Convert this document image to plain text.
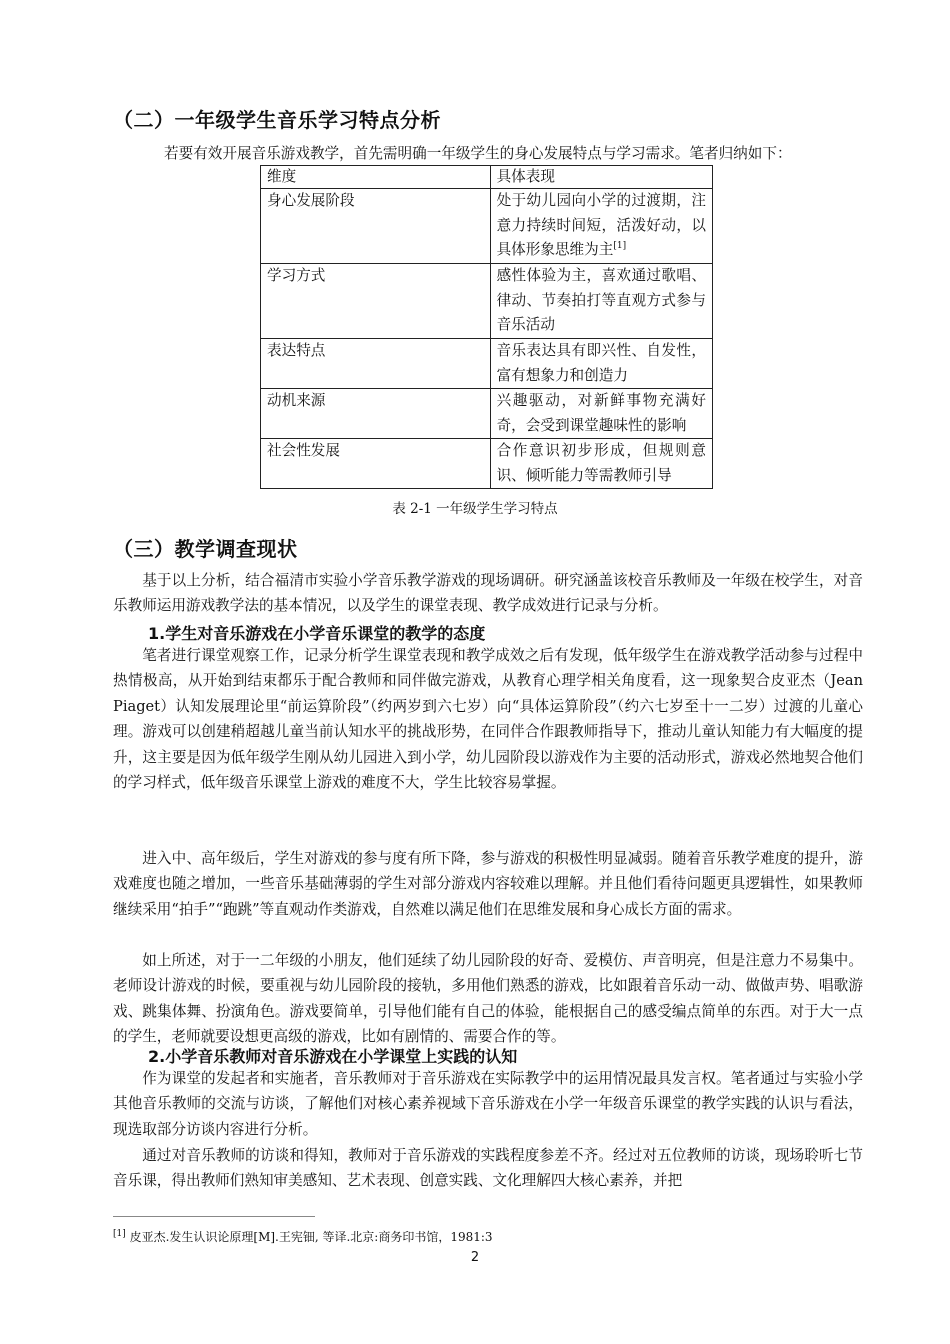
（二）一年级学生音乐学习特点分析
若要有效开展音乐游戏教学，首先需明确一年级学生的身心发展特点与学习需求。笔者归纳如下：
维度	具体表现
身心发展阶段	处于幼儿园向小学的过渡期，注意力持续时间短，活泼好动，以具体形象思维为主[1]
学习方式	感性体验为主，喜欢通过歌唱、律动、节奏拍打等直观方式参与音乐活动
表达特点	音乐表达具有即兴性、自发性，富有想象力和创造力
动机来源	兴趣驱动，对新鲜事物充满好奇，会受到课堂趣味性的影响
社会性发展	合作意识初步形成，但规则意识、倾听能力等需教师引导
表 2-1 一年级学生学习特点
（三）教学调查现状

基于以上分析，结合福清市实验小学音乐教学游戏的现场调研。研究涵盖该校音乐教师及一年级在校学生，对音乐教师运用游戏教学法的基本情况，以及学生的课堂表现、教学成效进行记录与分析。

1.学生对音乐游戏在小学音乐课堂的教学的态度

笔者进行课堂观察工作，记录分析学生课堂表现和教学成效之后有发现，低年级学生在游戏教学活动参与过程中热情极高，从开始到结束都乐于配合教师和同伴做完游戏，从教育心理学相关角度看，这一现象契合皮亚杰（Jean Piaget）认知发展理论里“前运算阶段”（约两岁到六七岁）向“具体运算阶段”（约六七岁至十一二岁）过渡的儿童心理。游戏可以创建稍超越儿童当前认知水平的挑战形势，在同伴合作跟教师指导下，推动儿童认知能力有大幅度的提升，这主要是因为低年级学生刚从幼儿园进入到小学，幼儿园阶段以游戏作为主要的活动形式，游戏必然地契合他们的学习样式，低年级音乐课堂上游戏的难度不大，学生比较容易掌握。

进入中、高年级后，学生对游戏的参与度有所下降，参与游戏的积极性明显减弱。随着音乐教学难度的提升，游戏难度也随之增加，一些音乐基础薄弱的学生对部分游戏内容较难以理解。并且他们看待问题更具逻辑性，如果教师继续采用“拍手”“跑跳”等直观动作类游戏，自然难以满足他们在思维发展和身心成长方面的需求。

如上所述，对于一二年级的小朋友，他们延续了幼儿园阶段的好奇、爱模仿、声音明亮，但是注意力不易集中。老师设计游戏的时候，要重视与幼儿园阶段的接轨，多用他们熟悉的游戏，比如跟着音乐动一动、做做声势、唱歌游戏、跳集体舞、扮演角色。游戏要简单，引导他们能有自己的体验，能根据自己的感受编点简单的东西。对于大一点的学生，老师就要设想更高级的游戏，比如有剧情的、需要合作的等。

2.小学音乐教师对音乐游戏在小学课堂上实践的认知

作为课堂的发起者和实施者，音乐教师对于音乐游戏在实际教学中的运用情况最具发言权。笔者通过与实验小学其他音乐教师的交流与访谈，了解他们对核心素养视域下音乐游戏在小学一年级音乐课堂的教学实践的认识与看法，现选取部分访谈内容进行分析。

通过对音乐教师的访谈和得知，教师对于音乐游戏的实践程度参差不齐。经过对五位教师的访谈，现场聆听七节音乐课，得出教师们熟知审美感知、艺术表现、创意实践、文化理解四大核心素养，并把

[1] 皮亚杰.发生认识论原理[M].王宪钿, 等译.北京:商务印书馆，1981:3
2
